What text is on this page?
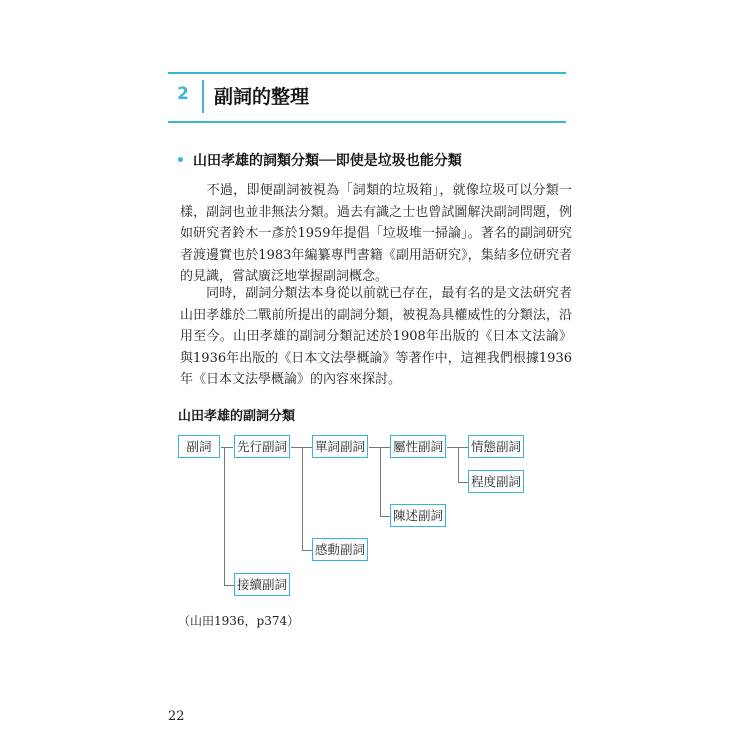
2	副詞的整理
• 山田孝雄的詞類分類──即使是垃圾也能分類

　　不過，即便副詞被視為「詞類的垃圾箱」，就像垃圾可以分類一樣，副詞也並非無法分類。過去有識之士也曾試圖解決副詞問題，例如研究者鈴木一彥於1959年提倡「垃圾堆一掃論」。著名的副詞研究者渡邊實也於1983年編纂專門書籍《副用語研究》，集結多位研究者的見識，嘗試廣泛地掌握副詞概念。

　　同時，副詞分類法本身從以前就已存在，最有名的是文法研究者山田孝雄於二戰前所提出的副詞分類，被視為具權威性的分類法，沿用至今。山田孝雄的副詞分類記述於1908年出版的《日本文法論》與1936年出版的《日本文法學概論》等著作中，這裡我們根據1936年《日本文法學概論》的內容來探討。

山田孝雄的副詞分類
副詞	先行副詞 單詞副詞 屬性副詞 情態副詞
程度副詞
陳述副詞
感動副詞
接續副詞
（山田1936，p374）
22
